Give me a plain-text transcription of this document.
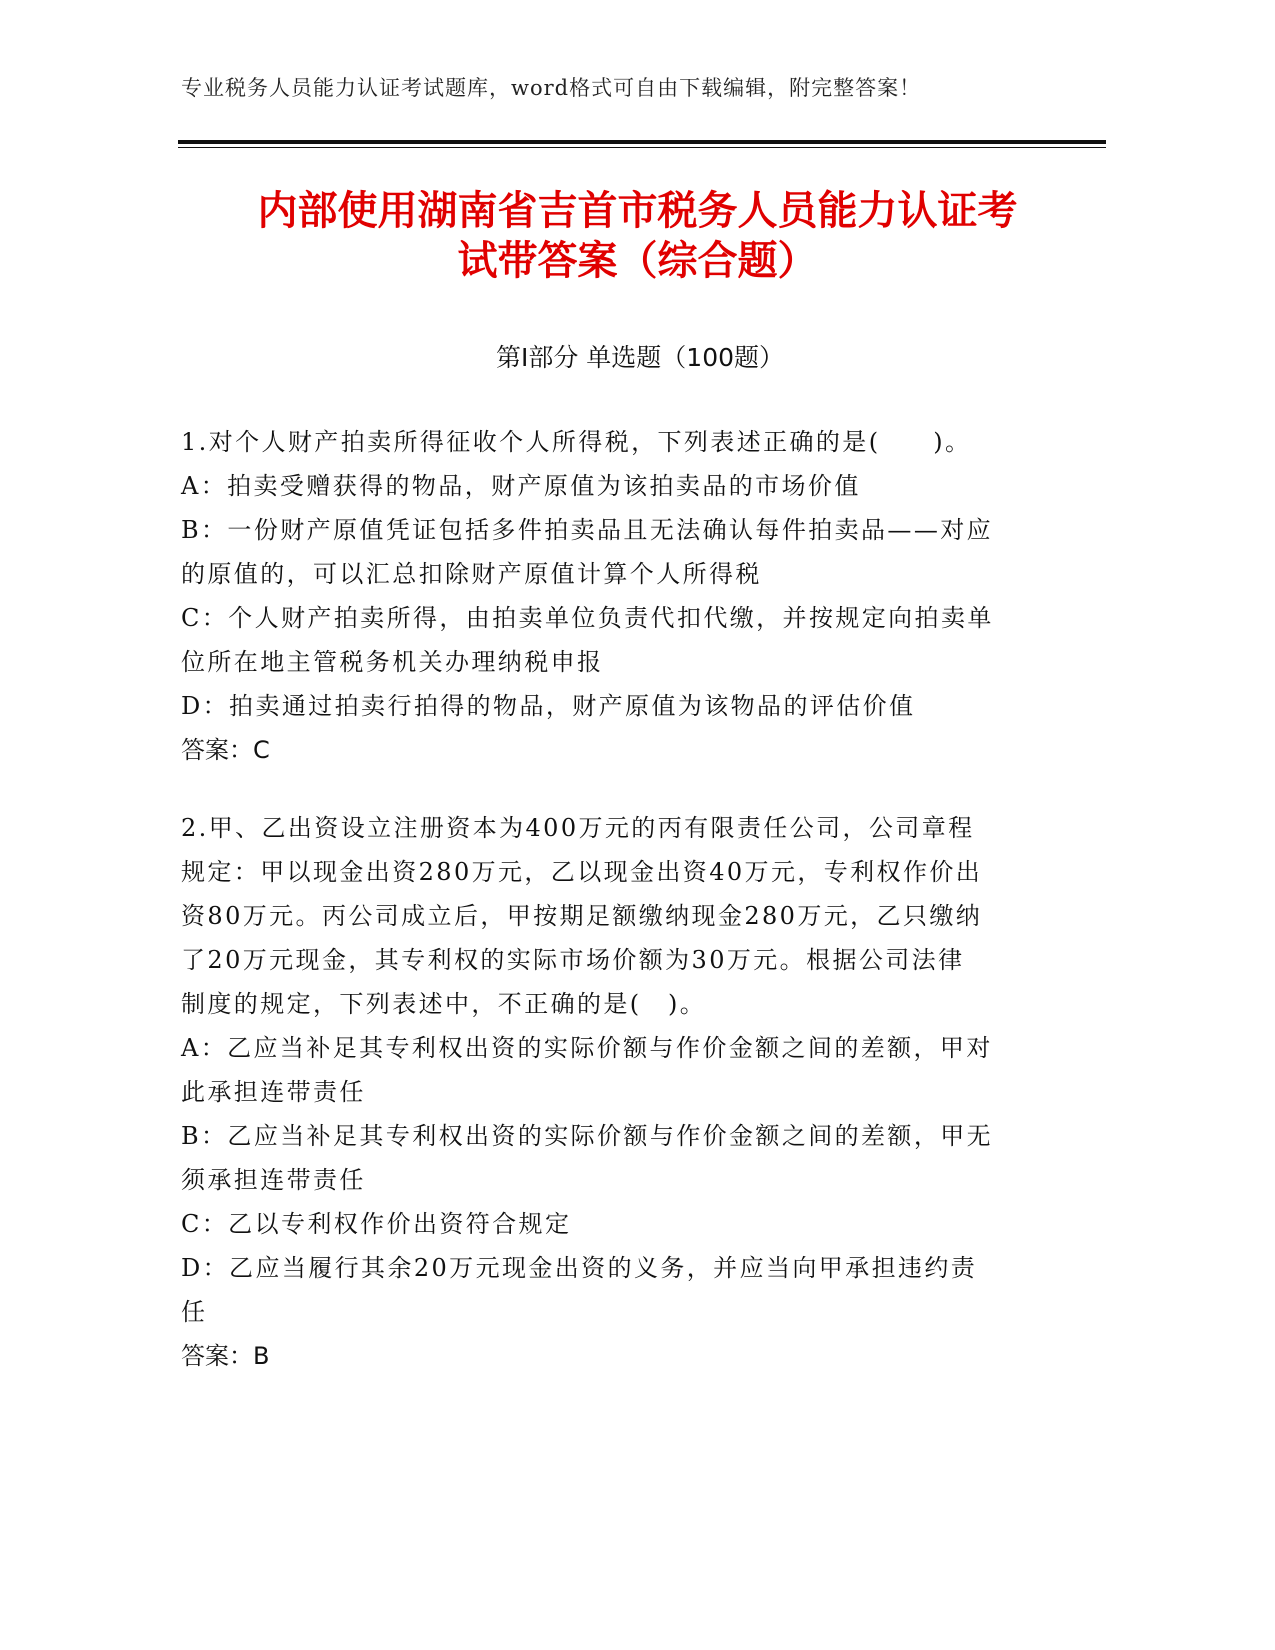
专业税务人员能力认证考试题库，word格式可自由下载编辑，附完整答案！
内部使用湖南省吉首市税务人员能力认证考
试带答案（综合题）
第Ⅰ部分 单选题（100题）

1.对个人财产拍卖所得征收个人所得税，下列表述正确的是(　　)。

A：拍卖受赠获得的物品，财产原值为该拍卖品的市场价值

B：一份财产原值凭证包括多件拍卖品且无法确认每件拍卖品——对应

的原值的，可以汇总扣除财产原值计算个人所得税

C：个人财产拍卖所得，由拍卖单位负责代扣代缴，并按规定向拍卖单

位所在地主管税务机关办理纳税申报

D：拍卖通过拍卖行拍得的物品，财产原值为该物品的评估价值

答案：C

2.甲、乙出资设立注册资本为400万元的丙有限责任公司，公司章程

规定：甲以现金出资280万元，乙以现金出资40万元，专利权作价出

资80万元。丙公司成立后，甲按期足额缴纳现金280万元，乙只缴纳

了20万元现金，其专利权的实际市场价额为30万元。根据公司法律

制度的规定，下列表述中，不正确的是(　)。

A：乙应当补足其专利权出资的实际价额与作价金额之间的差额，甲对

此承担连带责任

B：乙应当补足其专利权出资的实际价额与作价金额之间的差额，甲无

须承担连带责任

C：乙以专利权作价出资符合规定

D：乙应当履行其余20万元现金出资的义务，并应当向甲承担违约责

任

答案：B
